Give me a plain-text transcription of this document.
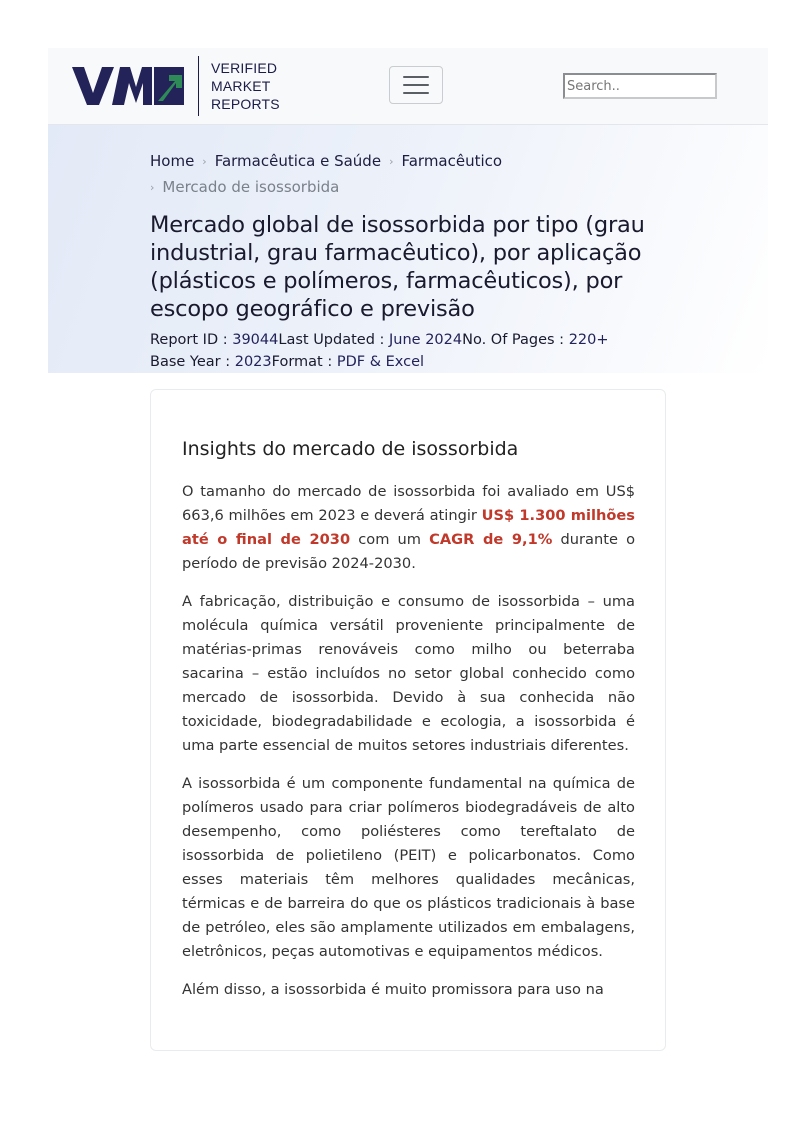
VERIFIED
MARKET
REPORTS
Search..
Home › Farmacêutica e Saúde › Farmacêutico
› Mercado de isossorbida
Mercado global de isossorbida por tipo (grau industrial, grau farmacêutico), por aplicação (plásticos e polímeros, farmacêuticos), por escopo geográfico e previsão
Report ID : 39044Last Updated : June 2024No. Of Pages : 220+
Base Year : 2023Format : PDF & Excel
Insights do mercado de isossorbida

O tamanho do mercado de isossorbida foi avaliado em US$ 663,6 milhões em 2023 e deverá atingir US$ 1.300 milhões até o final de 2030 com um CAGR de 9,1% durante o período de previsão 2024-2030.

A fabricação, distribuição e consumo de isossorbida – uma molécula química versátil proveniente principalmente de matérias-primas renováveis como milho ou beterraba sacarina – estão incluídos no setor global conhecido como mercado de isossorbida. Devido à sua conhecida não toxicidade, biodegradabilidade e ecologia, a isossorbida é uma parte essencial de muitos setores industriais diferentes.

A isossorbida é um componente fundamental na química de polímeros usado para criar polímeros biodegradáveis de alto desempenho, como poliésteres como tereftalato de isossorbida de polietileno (PEIT) e policarbonatos. Como esses materiais têm melhores qualidades mecânicas, térmicas e de barreira do que os plásticos tradicionais à base de petróleo, eles são amplamente utilizados em embalagens, eletrônicos, peças automotivas e equipamentos médicos.

Além disso, a isossorbida é muito promissora para uso na
